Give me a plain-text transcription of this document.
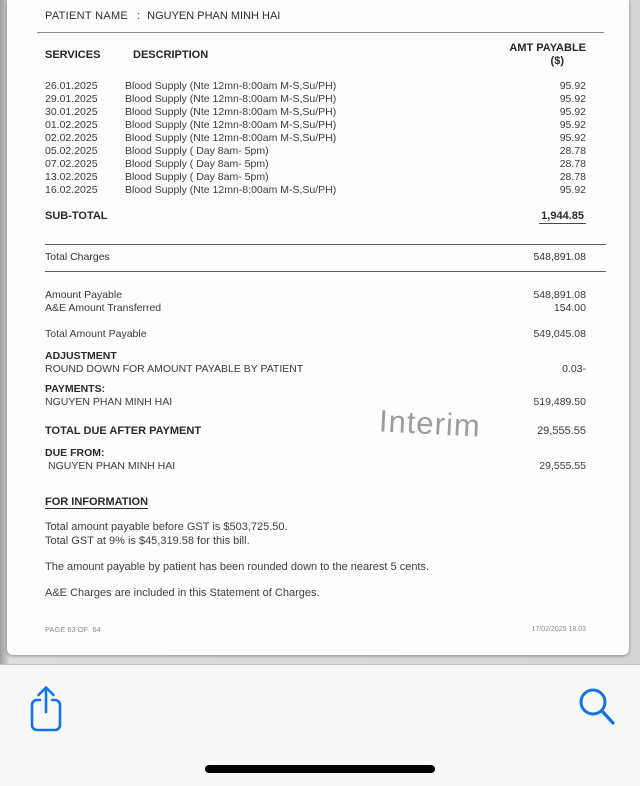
PATIENT NAME : NGUYEN PHAN MINH HAI
SERVICES	DESCRIPTION
AMT PAYABLE
($)
26.01.2025	Blood Supply (Nte 12mn-8:00am M-S,Su/PH)	95.92
29.01.2025	Blood Supply (Nte 12mn-8:00am M-S,Su/PH)	95.92
30.01.2025	Blood Supply (Nte 12mn-8:00am M-S,Su/PH)	95.92
01.02.2025	Blood Supply (Nte 12mn-8:00am M-S,Su/PH)	95.92
02.02.2025	Blood Supply (Nte 12mn-8:00am M-S,Su/PH)	95.92
05.02.2025	Blood Supply ( Day 8am- 5pm)	28.78
07.02.2025	Blood Supply ( Day 8am- 5pm)	28.78
13.02.2025	Blood Supply ( Day 8am- 5pm)	28.78
16.02.2025	Blood Supply (Nte 12mn-8:00am M-S,Su/PH)	95.92
SUB-TOTAL	1,944.85
Total Charges	548,891.08
Amount Payable	548,891.08
A&E Amount Transferred	154.00
Total Amount Payable	549,045.08
ADJUSTMENT
ROUND DOWN FOR AMOUNT PAYABLE BY PATIENT	0.03-
PAYMENTS:
NGUYEN PHAN MINH HAI	519,489.50
TOTAL DUE AFTER PAYMENT	29,555.55
DUE FROM:
NGUYEN PHAN MINH HAI	29,555.55
Interim
FOR INFORMATION
Total amount payable before GST is $503,725.50.
Total GST at 9% is $45,319.58 for this bill.
The amount payable by patient has been rounded down to the nearest 5 cents.
A&E Charges are included in this Statement of Charges.
PAGE 63 OF  64	17/02/2025 18.03
